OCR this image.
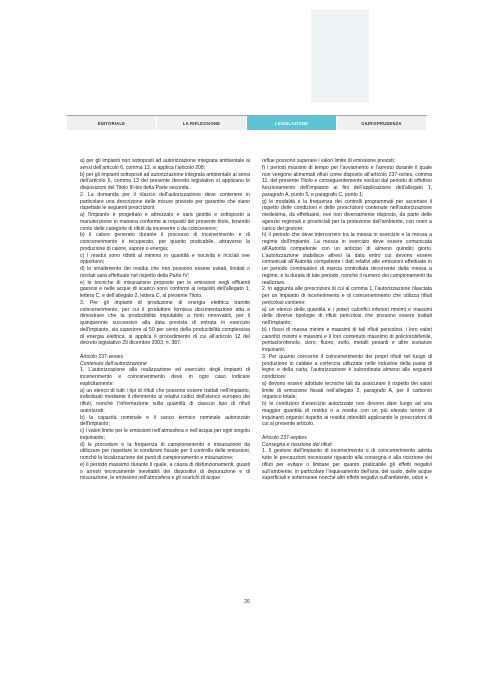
EDITORIALE	LA RIFLESSIONE	LEGISLAZIONE	GIURISPRUDENZA

a) per gli impianti non sottoposti ad autorizzazione integrata ambientale ai sensi dell’articolo 6, comma 13, si applica l’articolo 208;

b) per gli impianti sottoposti ad autorizzazione integrata ambientale ai sensi dell’articolo 6, comma 13 del presente decreto legislativo si applicano le disposizioni del Titolo III-bis della Parte seconda.

2. La domanda per il rilascio dell’autorizzazione deve contenere in particolare una descrizione delle misure previste per garantire che siano rispettate le seguenti prescrizioni:

a) l’impianto è progettato e attrezzato e sarà gestito e sottoposto a manutenzione in maniera conforme ai requisiti del presente titolo, tenendo conto delle categorie di rifiuti da incenerire o da coincenerire;

b) il calore generato durante il processo di incenerimento e di coincenerimento è recuperato, per quanto praticabile, attraverso la produzione di calore, vapore o energia;

c) i residui sono ridotti al minimo in quantità e nocività e riciclati ove opportuno;

d) lo smaltimento dei residui che non possono essere evitati, limitati o riciclati sarà effettuato nel rispetto della Parte IV;

e) le tecniche di misurazione proposte per le emissioni negli effluenti gassosi e nelle acque di scarico sono conformi ai requisiti dell’allegato 1, lettera C, e dell’allegato 2, lettera C, al presente Titolo.

3. Per gli impianti di produzione di energia elettrica tramite coincenerimento, per cui il produttore fornisca documentazione atta a dimostrare che la producibilità imputabile a fonti rinnovabili, per il quinquennio successivo alla data prevista di entrata in esercizio dell’impianto, sia superiore al 50 per cento della producibilità complessiva di energia elettrica, si applica il procedimento di cui all’articolo 12 del decreto legislativo 29 dicembre 2003, n. 387.

Articolo 237-sexies

Contenuto dell’autorizzazione

1. L’autorizzazione alla realizzazione ed esercizio degli impianti di incenerimento e coincenerimento deve in ogni caso indicare esplicitamente:

a) un elenco di tutti i tipi di rifiuti che possono essere trattati nell’impianto, individuati mediante il riferimento ai relativi codici dell’elenco europeo dei rifiuti, nonché l’informazione sulla quantità di ciascun tipo di rifiuti autorizzati;

b) la capacità nominale e il carico termico nominale autorizzato dell’impianto;

c) i valori limite per le emissioni nell’atmosfera e nell’acqua per ogni singolo inquinante;

d) le procedure e la frequenza di campionamento e misurazione da utilizzare per rispettare le condizioni fissate per il controllo delle emissioni, nonché la localizzazione dei punti di campionamento e misurazione;

e) il periodo massimo durante il quale, a causa di disfunzionamenti, guasti o arresti tecnicamente inevitabili dei dispositivi di depurazione e di misurazione, le emissioni nell’atmosfera e gli scarichi di acque

reflue possono superare i valori limite di emissione previsti;

f) i periodi massimi di tempo per l’avviamento e l’arresto durante il quale non vengono alimentati rifiuti come disposto all’articolo 237-octies, comma 11, del presente Titolo e conseguentemente esclusi dal periodo di effettivo funzionamento dell’impianto ai fini dell’applicazione dell’allegato 1, paragrafo A, punto 5, e paragrafo C, punto 1;

g) le modalità e la frequenza dei controlli programmati per accertare il rispetto delle condizioni e delle prescrizioni contenute nell’autorizzazione medesima, da effettuarsi, ove non diversamente disposto, da parte delle agenzie regionali e provinciali per la protezione dell’ambiente, con oneri a carico del gestore;

h) il periodo che deve intercorrere tra la messa in esercizio e la messa a regime dell’impianto. La messa in esercizio deve essere comunicata all’Autorità competente con un anticipo di almeno quindici giorni. L’autorizzazione stabilisce altresì la data entro cui devono essere comunicati all’Autorità competente i dati relativi alle emissioni effettuate in un periodo continuativo di marcia controllata decorrente dalla messa a regime, e la durata di tale periodo, nonché il numero dei campionamenti da realizzare.

2. In aggiunta alle prescrizioni di cui al comma 1, l’autorizzazione rilasciata per un impianto di incenerimento e di coincenerimento che utilizza rifiuti pericolosi contiene:

a) un elenco delle quantità e i poteri calorifici inferiori minimi e massimi delle diverse tipologie di rifiuti pericolosi che possono essere trattati nell’impianto;

b) i flussi di massa minimi e massimi di tali rifiuti pericolosi, i loro valori calorifici minimi e massimi e il loro contenuto massimo di policlorobifenile, pentaclorofenolo, cloro, fluoro, zolfo, metalli pesanti e altre sostanze inquinanti.

3. Per quanto concerne il coincenerimento dei propri rifiuti nel luogo di produzione in caldaie a corteccia utilizzate nelle industrie della pasta di legno e della carta, l’autorizzazione è subordinata almeno alle seguenti condizioni:

a) devono essere adottate tecniche tali da assicurare il rispetto dei valori limite di emissione fissati nell’allegato 2, paragrafo A, per il carbonio organico totale;

b) le condizioni d’esercizio autorizzate non devono dare luogo ad una maggior quantità di residui o a residui con un più elevato tenore di inquinanti organici rispetto ai residui ottenibili applicando le prescrizioni di cui al presente articolo.

Articolo 237-septies

Consegna e ricezione dei rifiuti

1. Il gestore dell’impianto di incenerimento o di coincenerimento adotta tutte le precauzioni necessarie riguardo alla consegna e alla ricezione dei rifiuti per evitare o limitare per quanto praticabile gli effetti negativi sull’ambiente, in particolare l’inquinamento dell’aria, del suolo, delle acque superficiali e sotterranee nonché altri effetti negativi sull’ambiente, odori e

26
